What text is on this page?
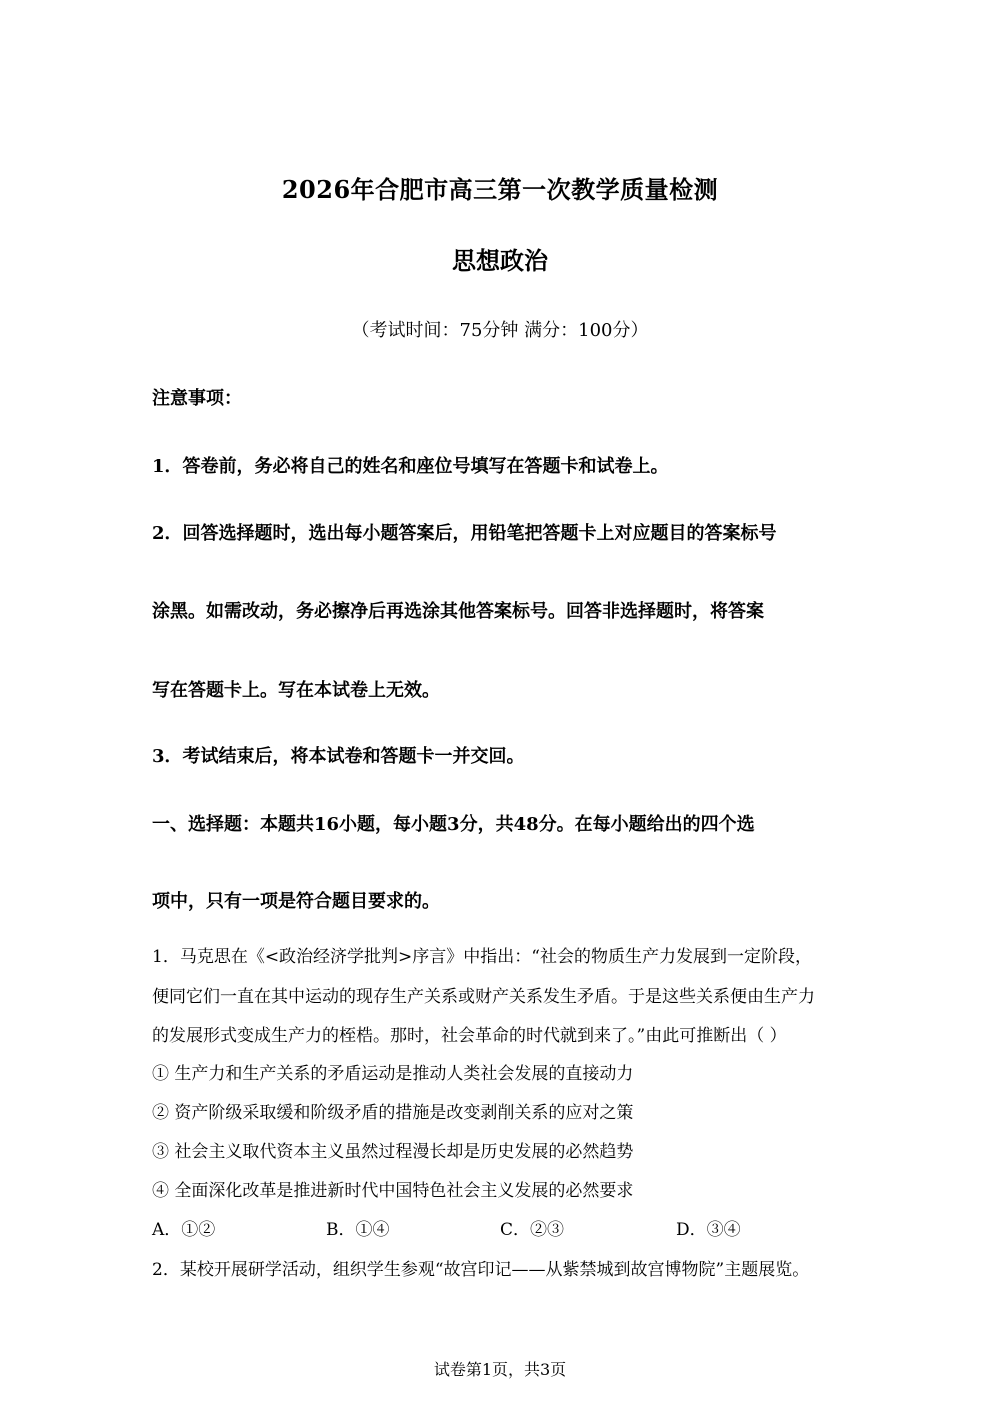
2026年合肥市高三第一次教学质量检测
思想政治
（考试时间：75分钟 满分：100分）
注意事项：
1．答卷前，务必将自己的姓名和座位号填写在答题卡和试卷上。
2．回答选择题时，选出每小题答案后，用铅笔把答题卡上对应题目的答案标号
涂黑。如需改动，务必擦净后再选涂其他答案标号。回答非选择题时，将答案
写在答题卡上。写在本试卷上无效。
3．考试结束后，将本试卷和答题卡一并交回。
一、选择题：本题共16小题，每小题3分，共48分。在每小题给出的四个选
项中，只有一项是符合题目要求的。
1．马克思在《<政治经济学批判>序言》中指出：“社会的物质生产力发展到一定阶段，
便同它们一直在其中运动的现存生产关系或财产关系发生矛盾。于是这些关系便由生产力
的发展形式变成生产力的桎梏。那时，社会革命的时代就到来了。”由此可推断出（ ）
① 生产力和生产关系的矛盾运动是推动人类社会发展的直接动力
② 资产阶级采取缓和阶级矛盾的措施是改变剥削关系的应对之策
③ 社会主义取代资本主义虽然过程漫长却是历史发展的必然趋势
④ 全面深化改革是推进新时代中国特色社会主义发展的必然要求
A．①②	B．①④	C．②③	D．③④
2．某校开展研学活动，组织学生参观“故宫印记——从紫禁城到故宫博物院”主题展览。
试卷第1页，共3页
